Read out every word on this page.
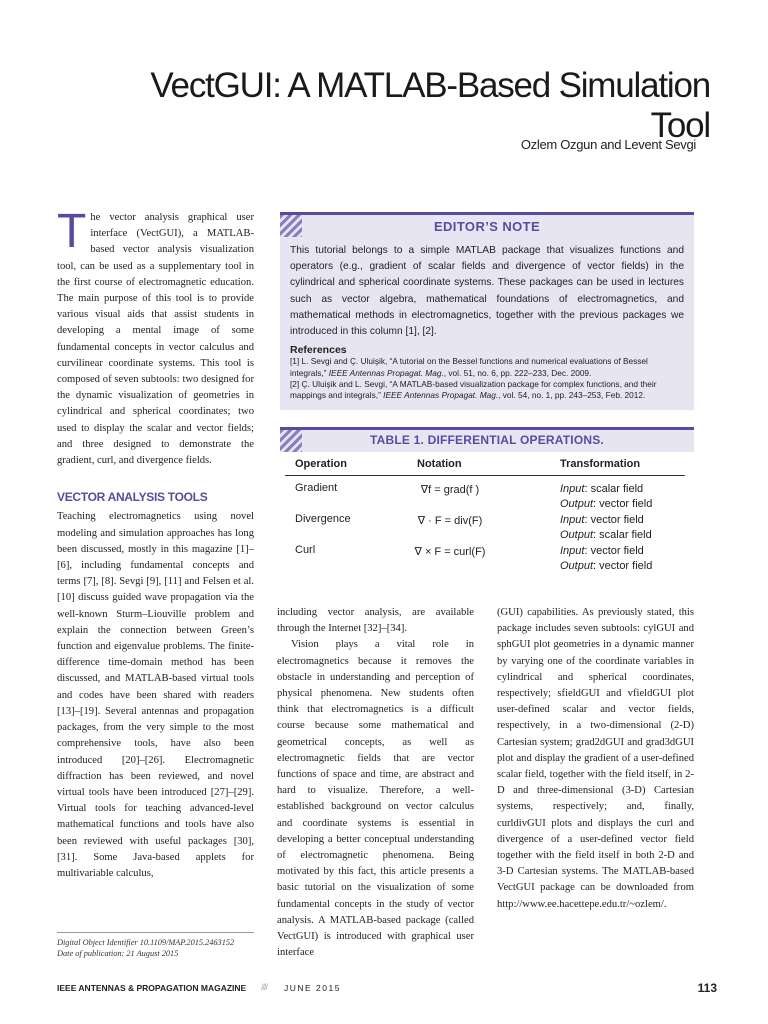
VectGUI: A MATLAB-Based Simulation Tool
Ozlem Ozgun and Levent Sevgi

The vector analysis graphical user interface (VectGUI), a MATLAB-based vector analysis visualization tool, can be used as a supplementary tool in the first course of electromagnetic education. The main purpose of this tool is to provide various visual aids that assist students in developing a mental image of some fundamental concepts in vector calculus and curvilinear coordinate systems. This tool is composed of seven subtools: two designed for the dynamic visualization of geometries in cylindrical and spherical coordinates; two used to display the scalar and vector fields; and three designed to demonstrate the gradient, curl, and divergence fields.

VECTOR ANALYSIS TOOLS

Teaching electromagnetics using novel modeling and simulation approaches has long been discussed, mostly in this magazine [1]–[6], including fundamental concepts and terms [7], [8]. Sevgi [9], [11] and Felsen et al. [10] discuss guided wave propagation via the well-known Sturm–Liouville problem and explain the connection between Green’s function and eigenvalue problems. The finite-difference time-domain method has been discussed, and MATLAB-based virtual tools and codes have been shared with readers [13]–[19]. Several antennas and propagation packages, from the very simple to the most comprehensive tools, have also been introduced [20]–[26]. Electromagnetic diffraction has been reviewed, and novel virtual tools have been introduced [27]–[29]. Virtual tools for teaching advanced-level mathematical functions and tools have also been reviewed with useful packages [30], [31]. Some Java-based applets for multivariable calculus,

Digital Object Identifier 10.1109/MAP.2015.2463152
Date of publication: 21 August 2015
EDITOR’S NOTE
This tutorial belongs to a simple MATLAB package that visualizes functions and operators (e.g., gradient of scalar fields and divergence of vector fields) in the cylindrical and spherical coordinate systems. These packages can be used in lectures such as vector algebra, mathematical foundations of electromagnetics, and mathematical methods in electromagnetics, together with the previous packages we introduced in this column [1], [2].
References
[1] L. Sevgi and Ç. Uluişik, “A tutorial on the Bessel functions and numerical evaluations of Bessel integrals,” IEEE Antennas Propagat. Mag., vol. 51, no. 6, pp. 222–233, Dec. 2009.
[2] Ç. Uluişik and L. Sevgi, “A MATLAB-based visualization package for complex functions, and their mappings and integrals,” IEEE Antennas Propagat. Mag., vol. 54, no. 1, pp. 243–253, Feb. 2012.
TABLE 1. DIFFERENTIAL OPERATIONS.
Operation	Notation	Transformation
Gradient	∇f = grad(f )	Input: scalar field
Output: vector field
Divergence	∇ · F = div(F)	Input: vector field
Output: scalar field
Curl	∇ × F = curl(F)	Input: vector field
Output: vector field

including vector analysis, are available through the Internet [32]–[34].

Vision plays a vital role in electromagnetics because it removes the obstacle in understanding and perception of physical phenomena. New students often think that electromagnetics is a difficult course because some mathematical and geometrical concepts, as well as electromagnetic fields that are vector functions of space and time, are abstract and hard to visualize. Therefore, a well-established background on vector calculus and coordinate systems is essential in developing a better conceptual understanding of electromagnetic phenomena. Being motivated by this fact, this article presents a basic tutorial on the visualization of some fundamental concepts in the study of vector analysis. A MATLAB-based package (called VectGUI) is introduced with graphical user interface

(GUI) capabilities. As previously stated, this package includes seven subtools: cylGUI and sphGUI plot geometries in a dynamic manner by varying one of the coordinate variables in cylindrical and spherical coordinates, respectively; sfieldGUI and vfieldGUI plot user-defined scalar and vector fields, respectively, in a two-dimensional (2-D) Cartesian system; grad2dGUI and grad3dGUI plot and display the gradient of a user-defined scalar field, together with the field itself, in 2-D and three-dimensional (3-D) Cartesian systems, respectively; and, finally, curldivGUI plots and displays the curl and divergence of a user-defined vector field together with the field itself in both 2-D and 3-D Cartesian systems. The MATLAB-based VectGUI package can be downloaded from http://www.ee.hacettepe.edu.tr/~ozlem/.

IEEE ANTENNAS & PROPAGATION MAGAZINE //// JUNE 2015	113
